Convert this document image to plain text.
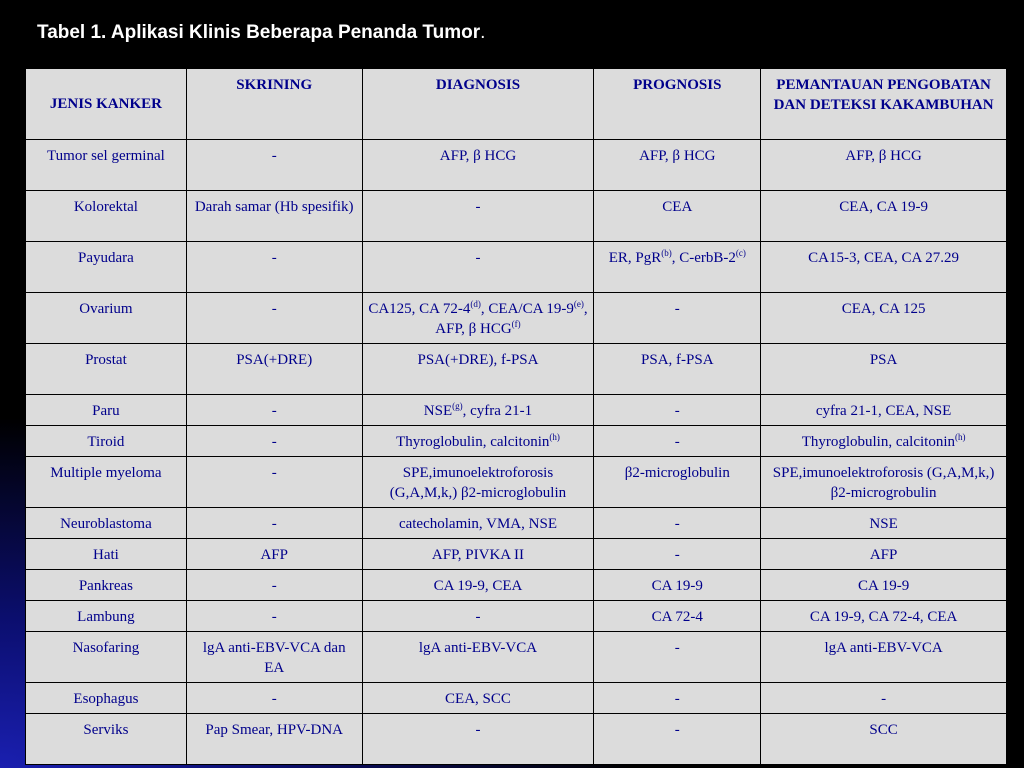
Tabel 1. Aplikasi Klinis Beberapa Penanda Tumor.
JENIS KANKER	SKRINING	DIAGNOSIS	PROGNOSIS	PEMANTAUAN PENGOBATAN DAN DETEKSI KAKAMBUHAN
Tumor sel germinal	-	AFP, β HCG	AFP, β HCG	AFP, β HCG
Kolorektal	Darah samar (Hb spesifik)	-	CEA	CEA, CA 19-9
Payudara	-	-	ER, PgR$^{(b)}$, C-erbB-2$^{(c)}$	CA15-3, CEA, CA 27.29
Ovarium	-	CA125, CA 72-4$^{(d)}$, CEA/CA 19-9$^{(e)}$, AFP, β HCG$^{(f)}$	-	CEA, CA 125
Prostat	PSA(+DRE)	PSA(+DRE), f-PSA	PSA, f-PSA	PSA
Paru	-	NSE$^{(g)}$, cyfra 21-1	-	cyfra 21-1, CEA, NSE
Tiroid	-	Thyroglobulin, calcitonin$^{(h)}$	-	Thyroglobulin, calcitonin$^{(h)}$
Multiple myeloma	-	SPE,imunoelektroforosis (G,A,M,k,) β2-microglobulin	β2-microglobulin	SPE,imunoelektroforosis (G,A,M,k,) β2-microgrobulin
Neuroblastoma	-	catecholamin, VMA, NSE	-	NSE
Hati	AFP	AFP, PIVKA II	-	AFP
Pankreas	-	CA 19-9, CEA	CA 19-9	CA 19-9
Lambung	-	-	CA 72-4	CA 19-9, CA 72-4, CEA
Nasofaring	lgA anti-EBV-VCA dan EA	lgA anti-EBV-VCA	-	lgA anti-EBV-VCA
Esophagus	-	CEA, SCC	-	-
Serviks	Pap Smear, HPV-DNA	-	-	SCC
